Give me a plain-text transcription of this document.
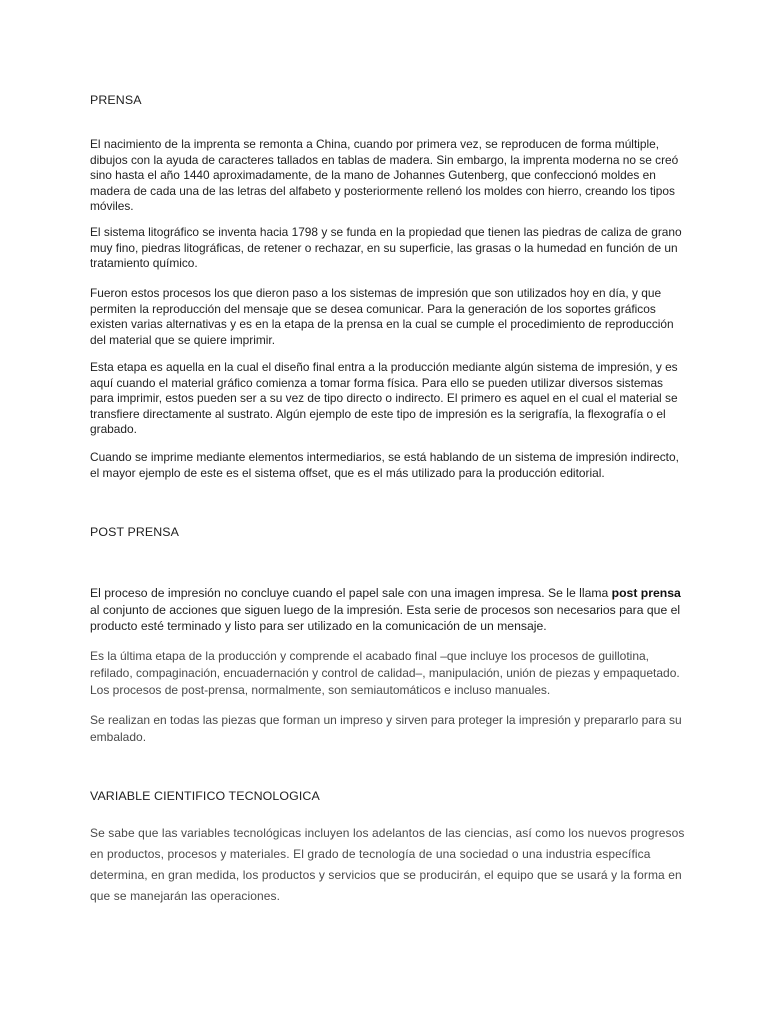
PRENSA

El nacimiento de la imprenta se remonta a China, cuando por primera vez, se reproducen de forma múltiple, dibujos con la ayuda de caracteres tallados en tablas de madera. Sin embargo, la imprenta moderna no se creó sino hasta el año 1440 aproximadamente, de la mano de Johannes Gutenberg, que confeccionó moldes en madera de cada una de las letras del alfabeto y posteriormente rellenó los moldes con hierro, creando los tipos móviles.

El sistema litográfico se inventa hacia 1798 y se funda en la propiedad que tienen las piedras de caliza de grano muy fino, piedras litográficas, de retener o rechazar, en su superficie, las grasas o la humedad en función de un tratamiento químico.

Fueron estos procesos los que dieron paso a los sistemas de impresión que son utilizados hoy en día, y que permiten la reproducción del mensaje que se desea comunicar. Para la generación de los soportes gráficos existen varias alternativas y es en la etapa de la prensa en la cual se cumple el procedimiento de reproducción del material que se quiere imprimir.

Esta etapa es aquella en la cual el diseño final entra a la producción mediante algún sistema de impresión, y es aquí cuando el material gráfico comienza a tomar forma física. Para ello se pueden utilizar diversos sistemas para imprimir, estos pueden ser a su vez de tipo directo o indirecto. El primero es aquel en el cual el material se transfiere directamente al sustrato. Algún ejemplo de este tipo de impresión es la serigrafía, la flexografía o el grabado.

Cuando se imprime mediante elementos intermediarios, se está hablando de un sistema de impresión indirecto, el mayor ejemplo de este es el sistema offset, que es el más utilizado para la producción editorial.

POST PRENSA

El proceso de impresión no concluye cuando el papel sale con una imagen impresa. Se le llama post prensa al conjunto de acciones que siguen luego de la impresión. Esta serie de procesos son necesarios para que el producto esté terminado y listo para ser utilizado en la comunicación de un mensaje.

Es la última etapa de la producción y comprende el acabado final –que incluye los procesos de guillotina, refilado, compaginación, encuadernación y control de calidad–, manipulación, unión de piezas y empaquetado. Los procesos de post-prensa, normalmente, son semiautomáticos e incluso manuales.

Se realizan en todas las piezas que forman un impreso y sirven para proteger la impresión y prepararlo para su embalado.

VARIABLE CIENTIFICO TECNOLOGICA

Se sabe que las variables tecnológicas incluyen los adelantos de las ciencias, así como los nuevos progresos en productos, procesos y materiales. El grado de tecnología de una sociedad o una industria específica determina, en gran medida, los productos y servicios que se producirán, el equipo que se usará y la forma en que se manejarán las operaciones.
